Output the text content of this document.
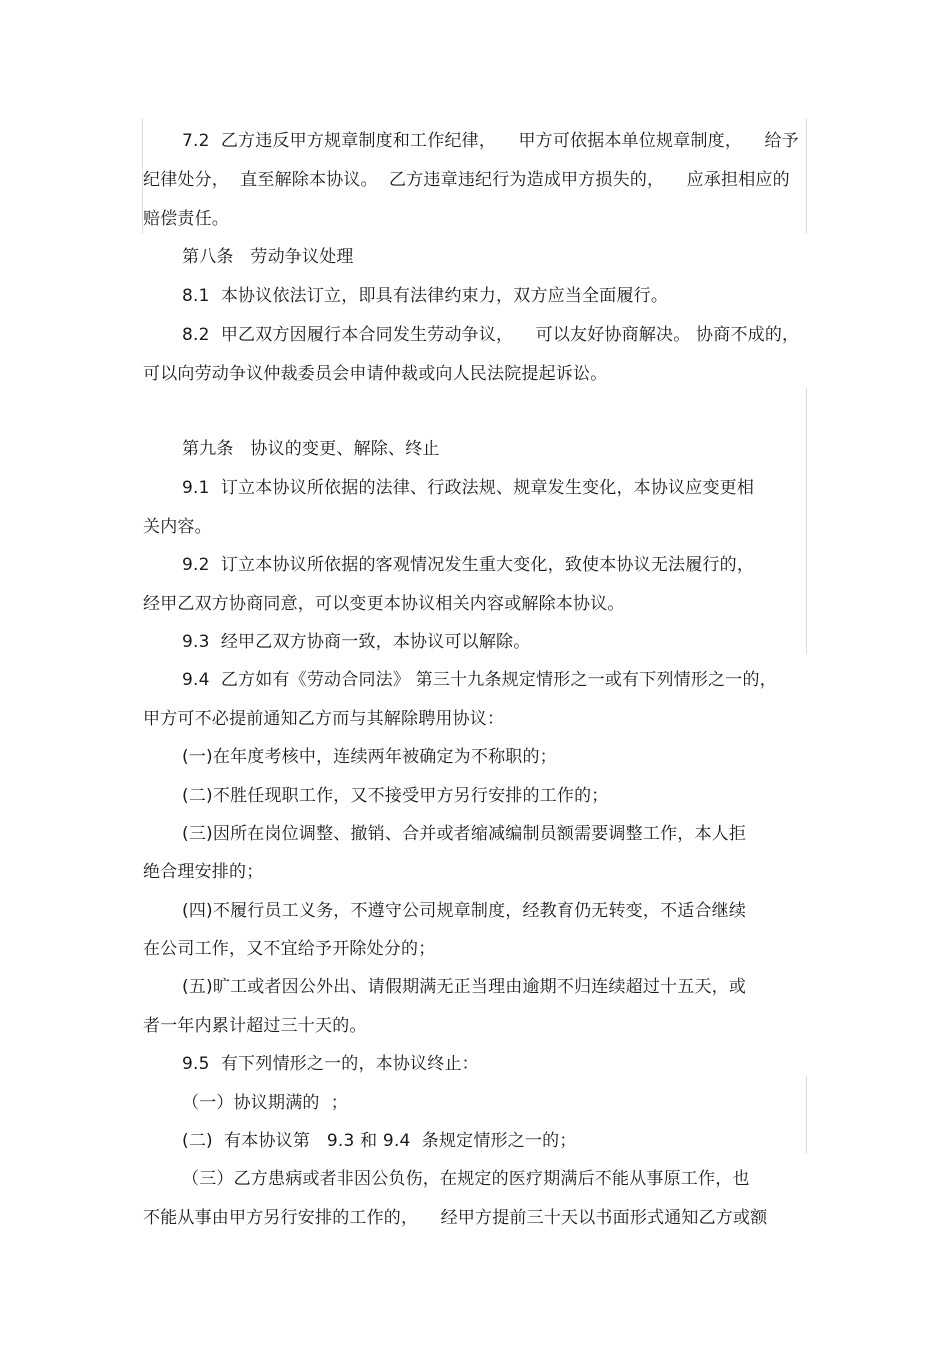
7.2  乙方违反甲方规章制度和工作纪律，    甲方可依据本单位规章制度，    给予
纪律处分，  直至解除本协议。  乙方违章违纪行为造成甲方损失的，    应承担相应的
赔偿责任。
第八条   劳动争议处理
8.1  本协议依法订立，即具有法律约束力，双方应当全面履行。
8.2  甲乙双方因履行本合同发生劳动争议，    可以友好协商解决。 协商不成的，
可以向劳动争议仲裁委员会申请仲裁或向人民法院提起诉讼。
第九条   协议的变更、解除、终止
9.1  订立本协议所依据的法律、行政法规、规章发生变化，本协议应变更相
关内容。
9.2  订立本协议所依据的客观情况发生重大变化，致使本协议无法履行的，
经甲乙双方协商同意，可以变更本协议相关内容或解除本协议。
9.3  经甲乙双方协商一致，本协议可以解除。
9.4  乙方如有《劳动合同法》 第三十九条规定情形之一或有下列情形之一的，
甲方可不必提前通知乙方而与其解除聘用协议：
(一)在年度考核中，连续两年被确定为不称职的；
(二)不胜任现职工作，又不接受甲方另行安排的工作的；
(三)因所在岗位调整、撤销、合并或者缩减编制员额需要调整工作，本人拒
绝合理安排的；
(四)不履行员工义务，不遵守公司规章制度，经教育仍无转变，不适合继续
在公司工作，又不宜给予开除处分的；
(五)旷工或者因公外出、请假期满无正当理由逾期不归连续超过十五天，或
者一年内累计超过三十天的。
9.5  有下列情形之一的，本协议终止：
（一）协议期满的  ；
(二)  有本协议第   9.3 和 9.4  条规定情形之一的；
（三）乙方患病或者非因公负伤，在规定的医疗期满后不能从事原工作，也
不能从事由甲方另行安排的工作的，    经甲方提前三十天以书面形式通知乙方或额
